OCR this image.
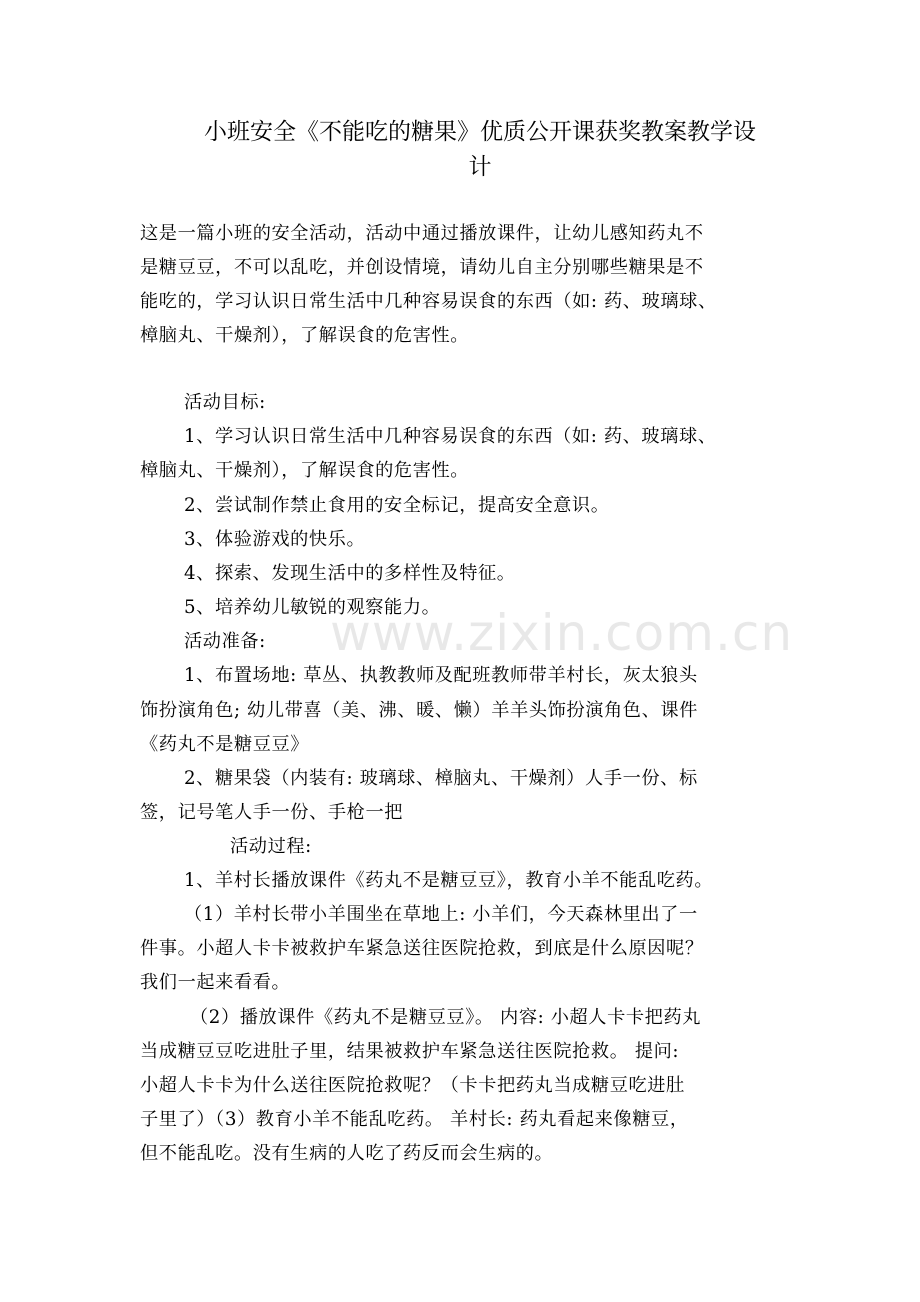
小班安全《不能吃的糖果》优质公开课获奖教案教学设
计
这是一篇小班的安全活动，活动中通过播放课件，让幼儿感知药丸不
是糖豆豆，不可以乱吃，并创设情境，请幼儿自主分别哪些糖果是不
能吃的，学习认识日常生活中几种容易误食的东西（如: 药、玻璃球、
樟脑丸、干燥剂），了解误食的危害性。
活动目标:
1、学习认识日常生活中几种容易误食的东西（如: 药、玻璃球、
樟脑丸、干燥剂），了解误食的危害性。
2、尝试制作禁止食用的安全标记，提高安全意识。
3、体验游戏的快乐。
4、探索、发现生活中的多样性及特征。
5、培养幼儿敏锐的观察能力。
活动准备:
1、布置场地: 草丛、执教教师及配班教师带羊村长，灰太狼头
饰扮演角色; 幼儿带喜（美、沸、暖、懒）羊羊头饰扮演角色、课件
《药丸不是糖豆豆》
2、糖果袋（内装有: 玻璃球、樟脑丸、干燥剂）人手一份、标
签，记号笔人手一份、手枪一把
活动过程:
1、羊村长播放课件《药丸不是糖豆豆》，教育小羊不能乱吃药。
（1）羊村长带小羊围坐在草地上: 小羊们，今天森林里出了一
件事。小超人卡卡被救护车紧急送往医院抢救，到底是什么原因呢？
我们一起来看看。
（2）播放课件《药丸不是糖豆豆》。 内容: 小超人卡卡把药丸
当成糖豆豆吃进肚子里，结果被救护车紧急送往医院抢救。 提问:
小超人卡卡为什么送往医院抢救呢？（卡卡把药丸当成糖豆吃进肚
子里了）（3）教育小羊不能乱吃药。 羊村长: 药丸看起来像糖豆，
但不能乱吃。没有生病的人吃了药反而会生病的。
www.zixin.com.cn
